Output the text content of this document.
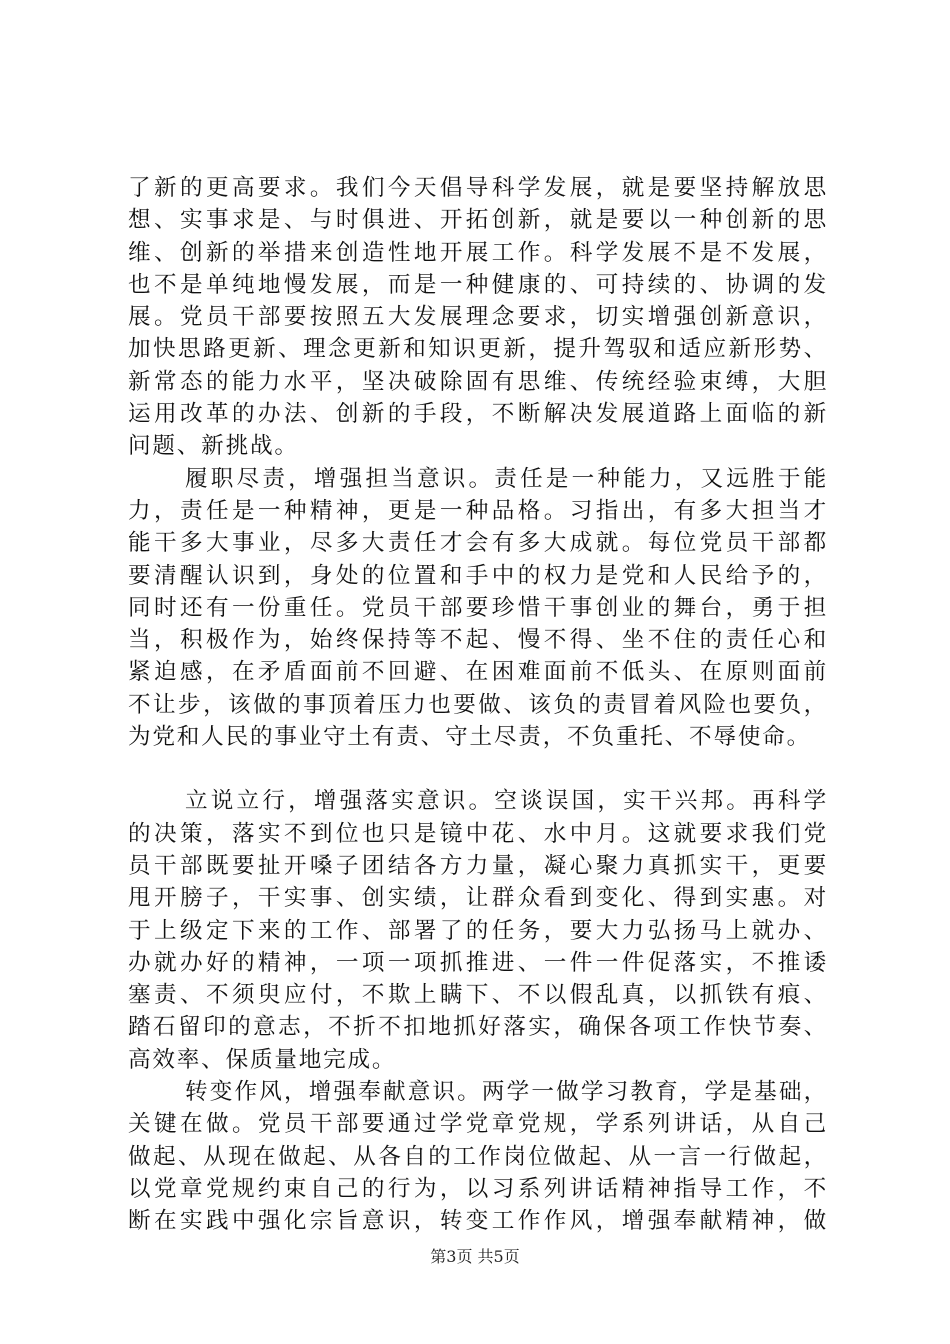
了新的更高要求。我们今天倡导科学发展，就是要坚持解放思
想、实事求是、与时俱进、开拓创新，就是要以一种创新的思
维、创新的举措来创造性地开展工作。科学发展不是不发展，
也不是单纯地慢发展，而是一种健康的、可持续的、协调的发
展。党员干部要按照五大发展理念要求，切实增强创新意识，
加快思路更新、理念更新和知识更新，提升驾驭和适应新形势、
新常态的能力水平，坚决破除固有思维、传统经验束缚，大胆
运用改革的办法、创新的手段，不断解决发展道路上面临的新
问题、新挑战。
履职尽责，增强担当意识。责任是一种能力，又远胜于能
力，责任是一种精神，更是一种品格。习指出，有多大担当才
能干多大事业，尽多大责任才会有多大成就。每位党员干部都
要清醒认识到，身处的位置和手中的权力是党和人民给予的，
同时还有一份重任。党员干部要珍惜干事创业的舞台，勇于担
当，积极作为，始终保持等不起、慢不得、坐不住的责任心和
紧迫感，在矛盾面前不回避、在困难面前不低头、在原则面前
不让步，该做的事顶着压力也要做、该负的责冒着风险也要负，
为党和人民的事业守土有责、守土尽责，不负重托、不辱使命。
立说立行，增强落实意识。空谈误国，实干兴邦。再科学
的决策，落实不到位也只是镜中花、水中月。这就要求我们党
员干部既要扯开嗓子团结各方力量，凝心聚力真抓实干，更要
甩开膀子，干实事、创实绩，让群众看到变化、得到实惠。对
于上级定下来的工作、部署了的任务，要大力弘扬马上就办、
办就办好的精神，一项一项抓推进、一件一件促落实，不推诿
塞责、不须臾应付，不欺上瞒下、不以假乱真，以抓铁有痕、
踏石留印的意志，不折不扣地抓好落实，确保各项工作快节奏、
高效率、保质量地完成。
转变作风，增强奉献意识。两学一做学习教育，学是基础，
关键在做。党员干部要通过学党章党规，学系列讲话，从自己
做起、从现在做起、从各自的工作岗位做起、从一言一行做起，
以党章党规约束自己的行为，以习系列讲话精神指导工作，不
断在实践中强化宗旨意识，转变工作作风，增强奉献精神，做
第3页 共5页
